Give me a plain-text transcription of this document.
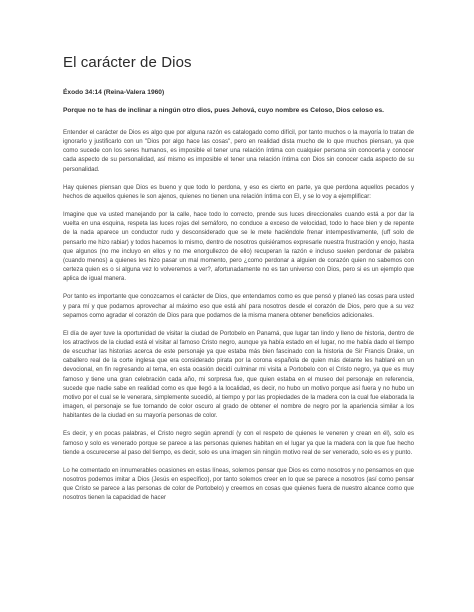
El carácter de Dios
Éxodo 34:14 (Reina-Valera 1960)
Porque no te has de inclinar a ningún otro dios, pues Jehová, cuyo nombre es Celoso, Dios celoso es.

Entender el carácter de Dios es algo que por alguna razón es catalogado como difícil, por tanto muchos o la mayoría lo tratan de ignorarlo y justificarlo con un "Dios por algo hace las cosas", pero en realidad dista mucho de lo que muchos piensan, ya que como sucede con los seres humanos, es imposible el tener una relación íntima con cualquier persona sin conocerla y conocer cada aspecto de su personalidad, así mismo es imposible el tener una relación íntima con Dios sin conocer cada aspecto de su personalidad.

Hay quienes piensan que Dios es bueno y que todo lo perdona, y eso es cierto en parte, ya que perdona aquellos pecados y hechos de aquellos quienes le son ajenos, quienes no tienen una relación íntima con El, y se lo voy a ejemplificar:

Imagine que va usted manejando por la calle, hace todo lo correcto, prende sus luces direccionales cuando está a por dar la vuelta en una esquina, respeta las luces rojas del semáforo, no conduce a exceso de velocidad, todo lo hace bien y de repente de la nada aparece un conductor rudo y desconsiderado que se le mete haciéndole frenar intempestivamente, (uff solo de pensarlo me hizo rabiar) y todos hacemos lo mismo, dentro de nosotros quisiéramos expresarle nuestra frustración y enojo, hasta que algunos (no me incluyo en ellos y no me enorgullezco de ello) recuperan la razón e incluso suelen perdonar de palabra (cuando menos) a quienes les hizo pasar un mal momento, pero ¿como perdonar a alguien de corazón quien no sabemos con certeza quien es o si alguna vez lo volveremos a ver?, afortunadamente no es tan universo con Dios, pero si es un ejemplo que aplica de igual manera.

Por tanto es importante que conozcamos el carácter de Dios, que entendamos como es que pensó y planeó las cosas para usted y para mí y que podamos aprovechar al máximo eso que está ahí para nosotros desde el corazón de Dios, pero que a su vez sepamos como agradar el corazón de Dios para que podamos de la misma manera obtener beneficios adicionales.

El día de ayer tuve la oportunidad de visitar la ciudad de Portobelo en Panamá, que lugar tan lindo y lleno de historia, dentro de los atractivos de la ciudad está el visitar al famoso Cristo negro, aunque ya había estado en el lugar, no me había dado el tiempo de escuchar las historias acerca de este personaje ya que estaba más bien fascinado con la historia de Sir Francis Drake, un caballero real de la corte inglesa que era considerado pirata por la corona española de quien más delante les hablaré en un devocional, en fin regresando al tema, en esta ocasión decidí culminar mi visita a Portobelo con el Cristo negro, ya que es muy famoso y tiene una gran celebración cada año, mi sorpresa fue, que quien estaba en el museo del personaje en referencia, sucede que nadie sabe en realidad como es que llegó a la localidad, es decir, no hubo un motivo porque así fuera y no hubo un motivo por el cual se le venerara, simplemente sucedió, al tiempo y por las propiedades de la madera con la cual fue elaborada la imagen, el personaje se fue tornando de color oscuro al grado de obtener el nombre de negro por la apariencia similar a los habitantes de la ciudad en su mayoría personas de color.

Es decir, y en pocas palabras, el Cristo negro según aprendí (y con el respeto de quienes le veneren y crean en él), solo es famoso y solo es venerado porque se parece a las personas quienes habitan en el lugar ya que la madera con la que fue hecho tiende a oscurecerse al paso del tiempo, es decir, solo es una imagen sin ningún motivo real de ser venerado, solo es es y punto.

Lo he comentado en innumerables ocasiones en estas líneas, solemos pensar que Dios es como nosotros y no pensamos en que nosotros podemos imitar a Dios (Jesús en específico), por tanto solemos creer en lo que se parece a nosotros (así como pensar que Cristo se parece a las personas de color de Portobelo) y creemos en cosas que quienes fuera de nuestro alcance como que nosotros tienen la capacidad de hacer
